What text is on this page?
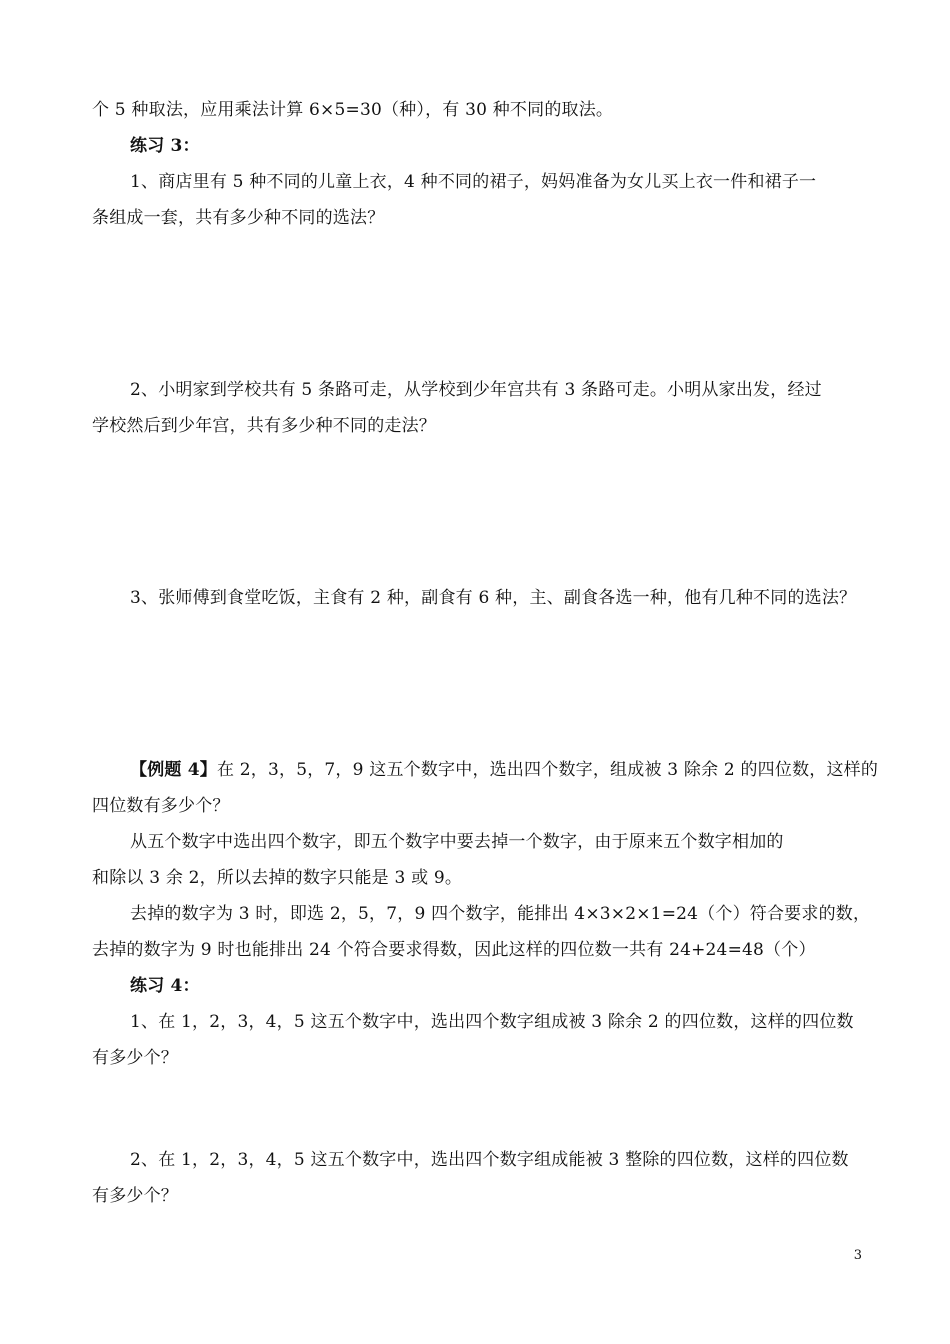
个 5 种取法，应用乘法计算 6×5=30（种），有 30 种不同的取法。
练习 3：
1、商店里有 5 种不同的儿童上衣，4 种不同的裙子，妈妈准备为女儿买上衣一件和裙子一
条组成一套，共有多少种不同的选法？
2、小明家到学校共有 5 条路可走，从学校到少年宫共有 3 条路可走。小明从家出发，经过
学校然后到少年宫，共有多少种不同的走法？
3、张师傅到食堂吃饭，主食有 2 种，副食有 6 种，主、副食各选一种，他有几种不同的选法？
【例题 4】在 2，3，5，7，9 这五个数字中，选出四个数字，组成被 3 除余 2 的四位数，这样的
四位数有多少个？
从五个数字中选出四个数字，即五个数字中要去掉一个数字，由于原来五个数字相加的
和除以 3 余 2，所以去掉的数字只能是 3 或 9。
去掉的数字为 3 时，即选 2，5，7，9 四个数字，能排出 4×3×2×1=24（个）符合要求的数，
去掉的数字为 9 时也能排出 24 个符合要求得数，因此这样的四位数一共有 24+24=48（个）
练习 4：
1、在 1，2，3，4，5 这五个数字中，选出四个数字组成被 3 除余 2 的四位数，这样的四位数
有多少个？
2、在 1，2，3，4，5 这五个数字中，选出四个数字组成能被 3 整除的四位数，这样的四位数
有多少个？
3
